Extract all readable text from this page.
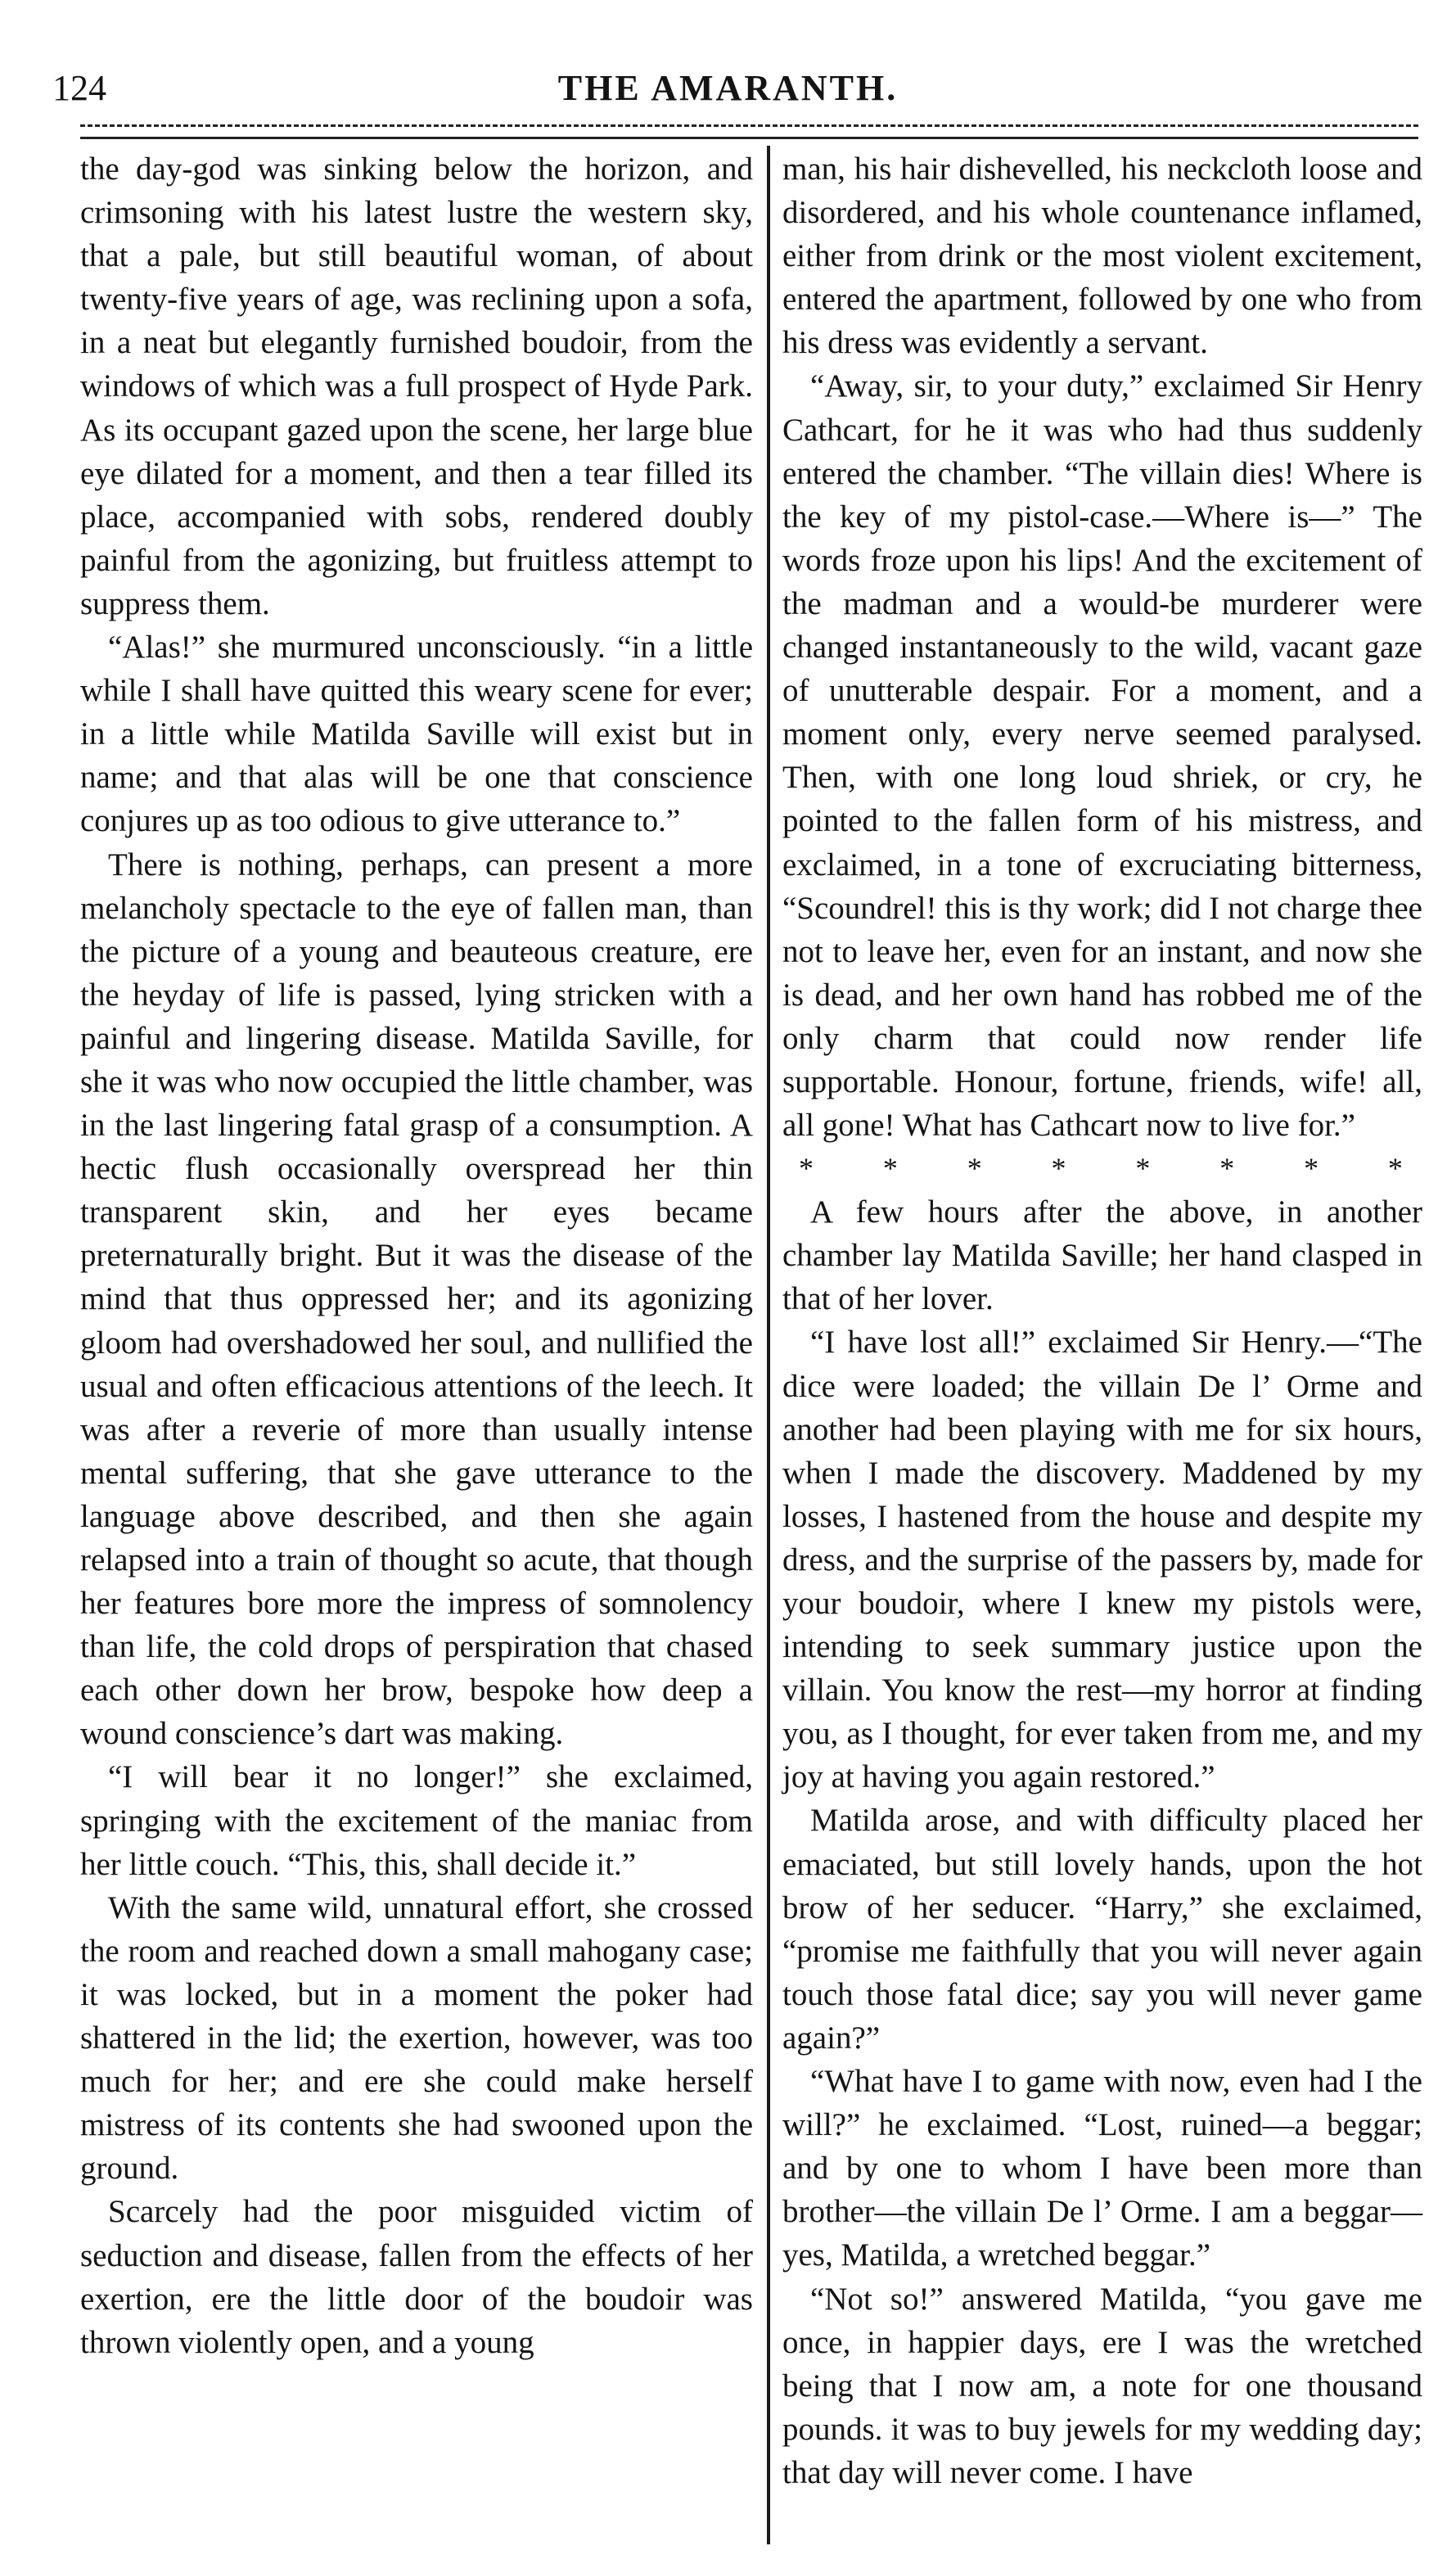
124	THE AMARANTH.

the day-god was sinking below the horizon, and crimsoning with his latest lustre the western sky, that a pale, but still beautiful woman, of about twenty-five years of age, was reclining upon a sofa, in a neat but elegantly furnished boudoir, from the windows of which was a full prospect of Hyde Park. As its occupant gazed upon the scene, her large blue eye dilated for a moment, and then a tear filled its place, accompanied with sobs, rendered doubly painful from the agonizing, but fruitless attempt to suppress them.

“Alas!” she murmured unconsciously. “in a little while I shall have quitted this weary scene for ever; in a little while Matilda Saville will exist but in name; and that alas will be one that conscience conjures up as too odious to give utterance to.”

There is nothing, perhaps, can present a more melancholy spectacle to the eye of fallen man, than the picture of a young and beauteous creature, ere the heyday of life is passed, lying stricken with a painful and lingering disease. Matilda Saville, for she it was who now occupied the little chamber, was in the last lingering fatal grasp of a consumption. A hectic flush occasionally overspread her thin transparent skin, and her eyes became preternaturally bright. But it was the disease of the mind that thus oppressed her; and its agonizing gloom had overshadowed her soul, and nullified the usual and often efficacious attentions of the leech. It was after a reverie of more than usually intense mental suffering, that she gave utterance to the language above described, and then she again relapsed into a train of thought so acute, that though her features bore more the impress of somnolency than life, the cold drops of perspiration that chased each other down her brow, bespoke how deep a wound conscience’s dart was making.

“I will bear it no longer!” she exclaimed, springing with the excitement of the maniac from her little couch. “This, this, shall decide it.”

With the same wild, unnatural effort, she crossed the room and reached down a small mahogany case; it was locked, but in a moment the poker had shattered in the lid; the exertion, however, was too much for her; and ere she could make herself mistress of its contents she had swooned upon the ground.

Scarcely had the poor misguided victim of seduction and disease, fallen from the effects of her exertion, ere the little door of the boudoir was thrown violently open, and a young

man, his hair dishevelled, his neckcloth loose and disordered, and his whole countenance inflamed, either from drink or the most violent excitement, entered the apartment, followed by one who from his dress was evidently a servant.

“Away, sir, to your duty,” exclaimed Sir Henry Cathcart, for he it was who had thus suddenly entered the chamber. “The villain dies! Where is the key of my pistol-case.—Where is—” The words froze upon his lips! And the excitement of the madman and a would-be murderer were changed instantaneously to the wild, vacant gaze of unutterable despair. For a moment, and a moment only, every nerve seemed paralysed. Then, with one long loud shriek, or cry, he pointed to the fallen form of his mistress, and exclaimed, in a tone of excruciating bitterness, “Scoundrel! this is thy work; did I not charge thee not to leave her, even for an instant, and now she is dead, and her own hand has robbed me of the only charm that could now render life supportable. Honour, fortune, friends, wife! all, all gone! What has Cathcart now to live for.”

* * * * * * * *

A few hours after the above, in another chamber lay Matilda Saville; her hand clasped in that of her lover.

“I have lost all!” exclaimed Sir Henry.—“The dice were loaded; the villain De l’ Orme and another had been playing with me for six hours, when I made the discovery. Maddened by my losses, I hastened from the house and despite my dress, and the surprise of the passers by, made for your boudoir, where I knew my pistols were, intending to seek summary justice upon the villain. You know the rest—my horror at finding you, as I thought, for ever taken from me, and my joy at having you again restored.”

Matilda arose, and with difficulty placed her emaciated, but still lovely hands, upon the hot brow of her seducer. “Harry,” she exclaimed, “promise me faithfully that you will never again touch those fatal dice; say you will never game again?”

“What have I to game with now, even had I the will?” he exclaimed. “Lost, ruined—a beggar; and by one to whom I have been more than brother—the villain De l’ Orme. I am a beggar—yes, Matilda, a wretched beggar.”

“Not so!” answered Matilda, “you gave me once, in happier days, ere I was the wretched being that I now am, a note for one thousand pounds. it was to buy jewels for my wedding day; that day will never come. I have
